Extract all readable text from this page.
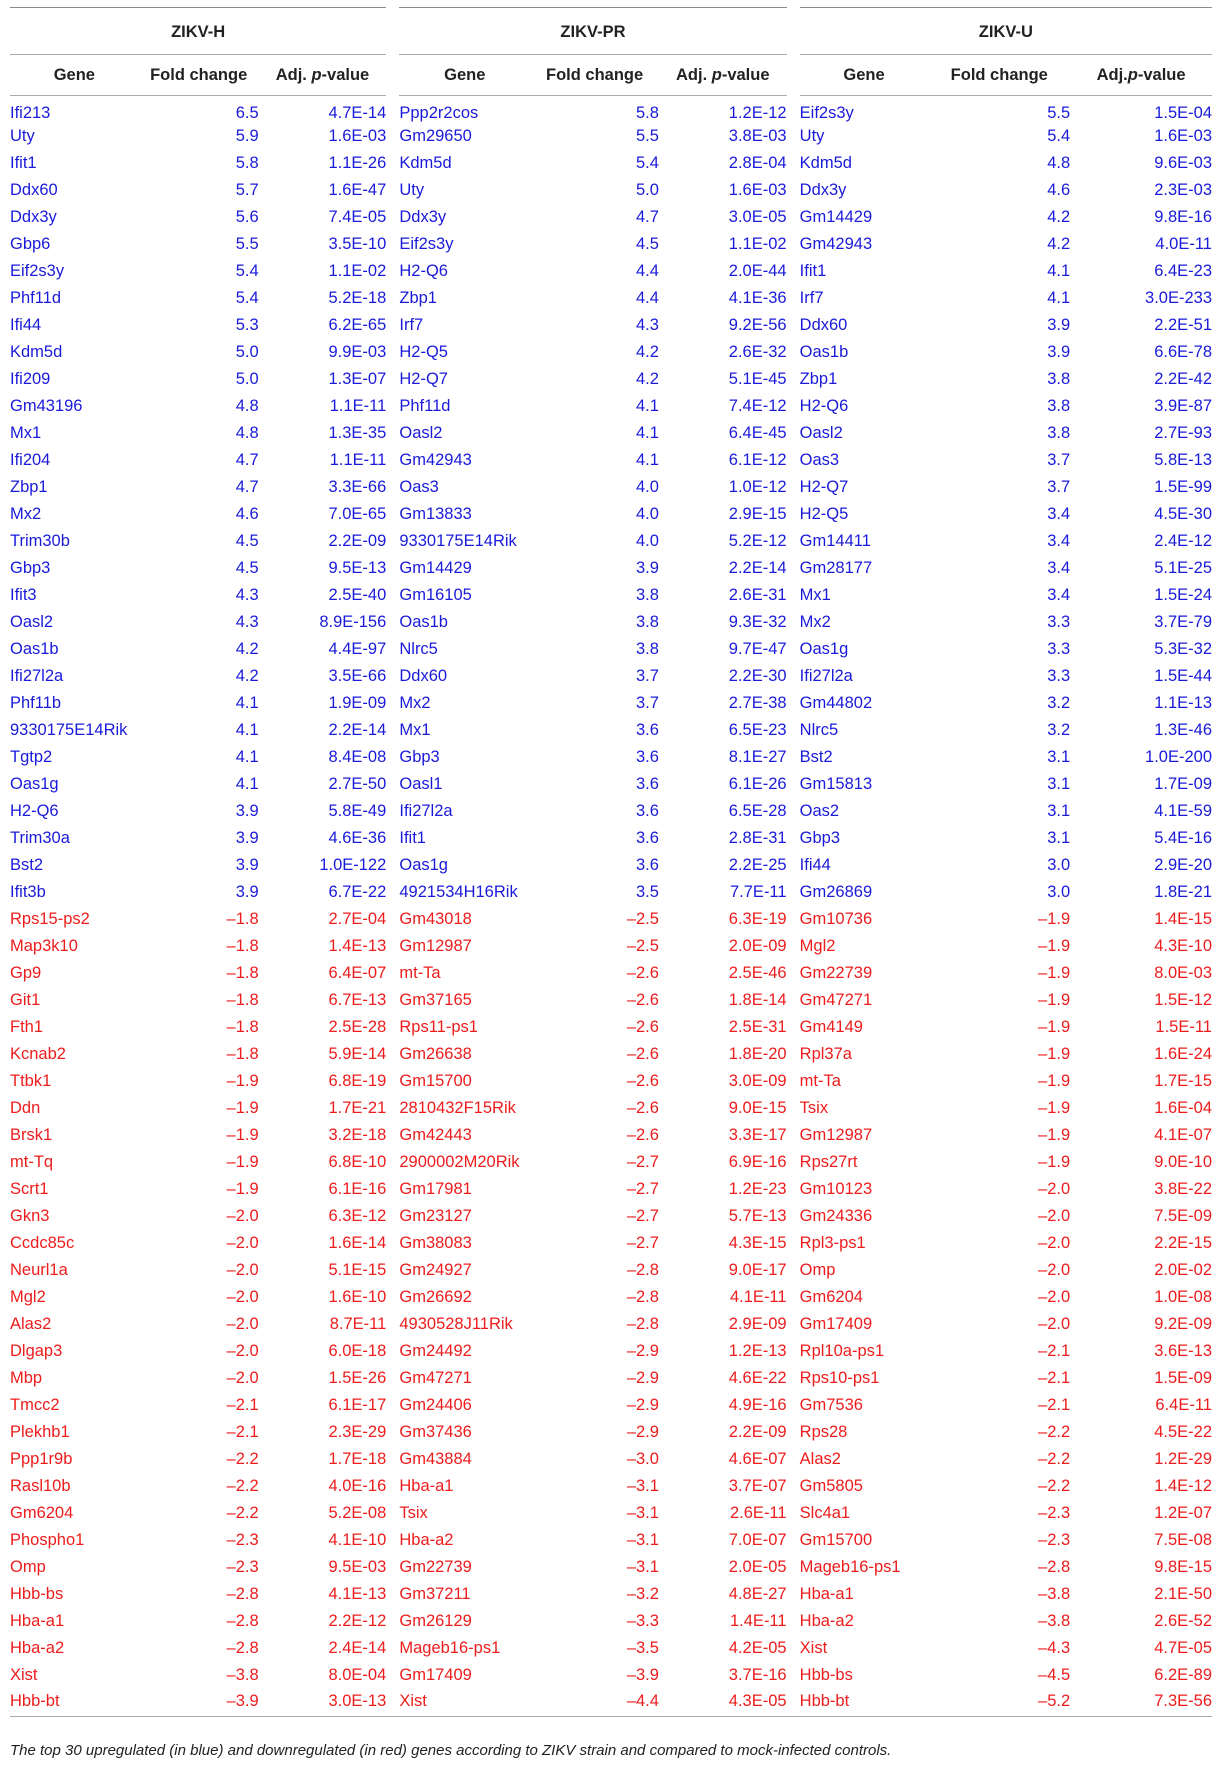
ZIKV-H				ZIKV-PR				ZIKV-U		

Gene	Fold change	Adj. p-value		Gene	Fold change	Adj. p-value		Gene	Fold change	Adj.p-value
Ifi213	6.5	4.7E-14		Ppp2r2cos	5.8	1.2E-12		Eif2s3y	5.5	1.5E-04
Uty	5.9	1.6E-03		Gm29650	5.5	3.8E-03		Uty	5.4	1.6E-03
Ifit1	5.8	1.1E-26		Kdm5d	5.4	2.8E-04		Kdm5d	4.8	9.6E-03
Ddx60	5.7	1.6E-47		Uty	5.0	1.6E-03		Ddx3y	4.6	2.3E-03
Ddx3y	5.6	7.4E-05		Ddx3y	4.7	3.0E-05		Gm14429	4.2	9.8E-16
Gbp6	5.5	3.5E-10		Eif2s3y	4.5	1.1E-02		Gm42943	4.2	4.0E-11
Eif2s3y	5.4	1.1E-02		H2-Q6	4.4	2.0E-44		Ifit1	4.1	6.4E-23
Phf11d	5.4	5.2E-18		Zbp1	4.4	4.1E-36		Irf7	4.1	3.0E-233
Ifi44	5.3	6.2E-65		Irf7	4.3	9.2E-56		Ddx60	3.9	2.2E-51
Kdm5d	5.0	9.9E-03		H2-Q5	4.2	2.6E-32		Oas1b	3.9	6.6E-78
Ifi209	5.0	1.3E-07		H2-Q7	4.2	5.1E-45		Zbp1	3.8	2.2E-42
Gm43196	4.8	1.1E-11		Phf11d	4.1	7.4E-12		H2-Q6	3.8	3.9E-87
Mx1	4.8	1.3E-35		Oasl2	4.1	6.4E-45		Oasl2	3.8	2.7E-93
Ifi204	4.7	1.1E-11		Gm42943	4.1	6.1E-12		Oas3	3.7	5.8E-13
Zbp1	4.7	3.3E-66		Oas3	4.0	1.0E-12		H2-Q7	3.7	1.5E-99
Mx2	4.6	7.0E-65		Gm13833	4.0	2.9E-15		H2-Q5	3.4	4.5E-30
Trim30b	4.5	2.2E-09		9330175E14Rik	4.0	5.2E-12		Gm14411	3.4	2.4E-12
Gbp3	4.5	9.5E-13		Gm14429	3.9	2.2E-14		Gm28177	3.4	5.1E-25
Ifit3	4.3	2.5E-40		Gm16105	3.8	2.6E-31		Mx1	3.4	1.5E-24
Oasl2	4.3	8.9E-156		Oas1b	3.8	9.3E-32		Mx2	3.3	3.7E-79
Oas1b	4.2	4.4E-97		Nlrc5	3.8	9.7E-47		Oas1g	3.3	5.3E-32
Ifi27l2a	4.2	3.5E-66		Ddx60	3.7	2.2E-30		Ifi27l2a	3.3	1.5E-44
Phf11b	4.1	1.9E-09		Mx2	3.7	2.7E-38		Gm44802	3.2	1.1E-13
9330175E14Rik	4.1	2.2E-14		Mx1	3.6	6.5E-23		Nlrc5	3.2	1.3E-46
Tgtp2	4.1	8.4E-08		Gbp3	3.6	8.1E-27		Bst2	3.1	1.0E-200
Oas1g	4.1	2.7E-50		Oasl1	3.6	6.1E-26		Gm15813	3.1	1.7E-09
H2-Q6	3.9	5.8E-49		Ifi27l2a	3.6	6.5E-28		Oas2	3.1	4.1E-59
Trim30a	3.9	4.6E-36		Ifit1	3.6	2.8E-31		Gbp3	3.1	5.4E-16
Bst2	3.9	1.0E-122		Oas1g	3.6	2.2E-25		Ifi44	3.0	2.9E-20
Ifit3b	3.9	6.7E-22		4921534H16Rik	3.5	7.7E-11		Gm26869	3.0	1.8E-21
Rps15-ps2	–1.8	2.7E-04		Gm43018	–2.5	6.3E-19		Gm10736	–1.9	1.4E-15
Map3k10	–1.8	1.4E-13		Gm12987	–2.5	2.0E-09		Mgl2	–1.9	4.3E-10
Gp9	–1.8	6.4E-07		mt-Ta	–2.6	2.5E-46		Gm22739	–1.9	8.0E-03
Git1	–1.8	6.7E-13		Gm37165	–2.6	1.8E-14		Gm47271	–1.9	1.5E-12
Fth1	–1.8	2.5E-28		Rps11-ps1	–2.6	2.5E-31		Gm4149	–1.9	1.5E-11
Kcnab2	–1.8	5.9E-14		Gm26638	–2.6	1.8E-20		Rpl37a	–1.9	1.6E-24
Ttbk1	–1.9	6.8E-19		Gm15700	–2.6	3.0E-09		mt-Ta	–1.9	1.7E-15
Ddn	–1.9	1.7E-21		2810432F15Rik	–2.6	9.0E-15		Tsix	–1.9	1.6E-04
Brsk1	–1.9	3.2E-18		Gm42443	–2.6	3.3E-17		Gm12987	–1.9	4.1E-07
mt-Tq	–1.9	6.8E-10		2900002M20Rik	–2.7	6.9E-16		Rps27rt	–1.9	9.0E-10
Scrt1	–1.9	6.1E-16		Gm17981	–2.7	1.2E-23		Gm10123	–2.0	3.8E-22
Gkn3	–2.0	6.3E-12		Gm23127	–2.7	5.7E-13		Gm24336	–2.0	7.5E-09
Ccdc85c	–2.0	1.6E-14		Gm38083	–2.7	4.3E-15		Rpl3-ps1	–2.0	2.2E-15
Neurl1a	–2.0	5.1E-15		Gm24927	–2.8	9.0E-17		Omp	–2.0	2.0E-02
Mgl2	–2.0	1.6E-10		Gm26692	–2.8	4.1E-11		Gm6204	–2.0	1.0E-08
Alas2	–2.0	8.7E-11		4930528J11Rik	–2.8	2.9E-09		Gm17409	–2.0	9.2E-09
Dlgap3	–2.0	6.0E-18		Gm24492	–2.9	1.2E-13		Rpl10a-ps1	–2.1	3.6E-13
Mbp	–2.0	1.5E-26		Gm47271	–2.9	4.6E-22		Rps10-ps1	–2.1	1.5E-09
Tmcc2	–2.1	6.1E-17		Gm24406	–2.9	4.9E-16		Gm7536	–2.1	6.4E-11
Plekhb1	–2.1	2.3E-29		Gm37436	–2.9	2.2E-09		Rps28	–2.2	4.5E-22
Ppp1r9b	–2.2	1.7E-18		Gm43884	–3.0	4.6E-07		Alas2	–2.2	1.2E-29
Rasl10b	–2.2	4.0E-16		Hba-a1	–3.1	3.7E-07		Gm5805	–2.2	1.4E-12
Gm6204	–2.2	5.2E-08		Tsix	–3.1	2.6E-11		Slc4a1	–2.3	1.2E-07
Phospho1	–2.3	4.1E-10		Hba-a2	–3.1	7.0E-07		Gm15700	–2.3	7.5E-08
Omp	–2.3	9.5E-03		Gm22739	–3.1	2.0E-05		Mageb16-ps1	–2.8	9.8E-15
Hbb-bs	–2.8	4.1E-13		Gm37211	–3.2	4.8E-27		Hba-a1	–3.8	2.1E-50
Hba-a1	–2.8	2.2E-12		Gm26129	–3.3	1.4E-11		Hba-a2	–3.8	2.6E-52
Hba-a2	–2.8	2.4E-14		Mageb16-ps1	–3.5	4.2E-05		Xist	–4.3	4.7E-05
Xist	–3.8	8.0E-04		Gm17409	–3.9	3.7E-16		Hbb-bs	–4.5	6.2E-89
Hbb-bt	–3.9	3.0E-13		Xist	–4.4	4.3E-05		Hbb-bt	–5.2	7.3E-56
The top 30 upregulated (in blue) and downregulated (in red) genes according to ZIKV strain and compared to mock-infected controls.
